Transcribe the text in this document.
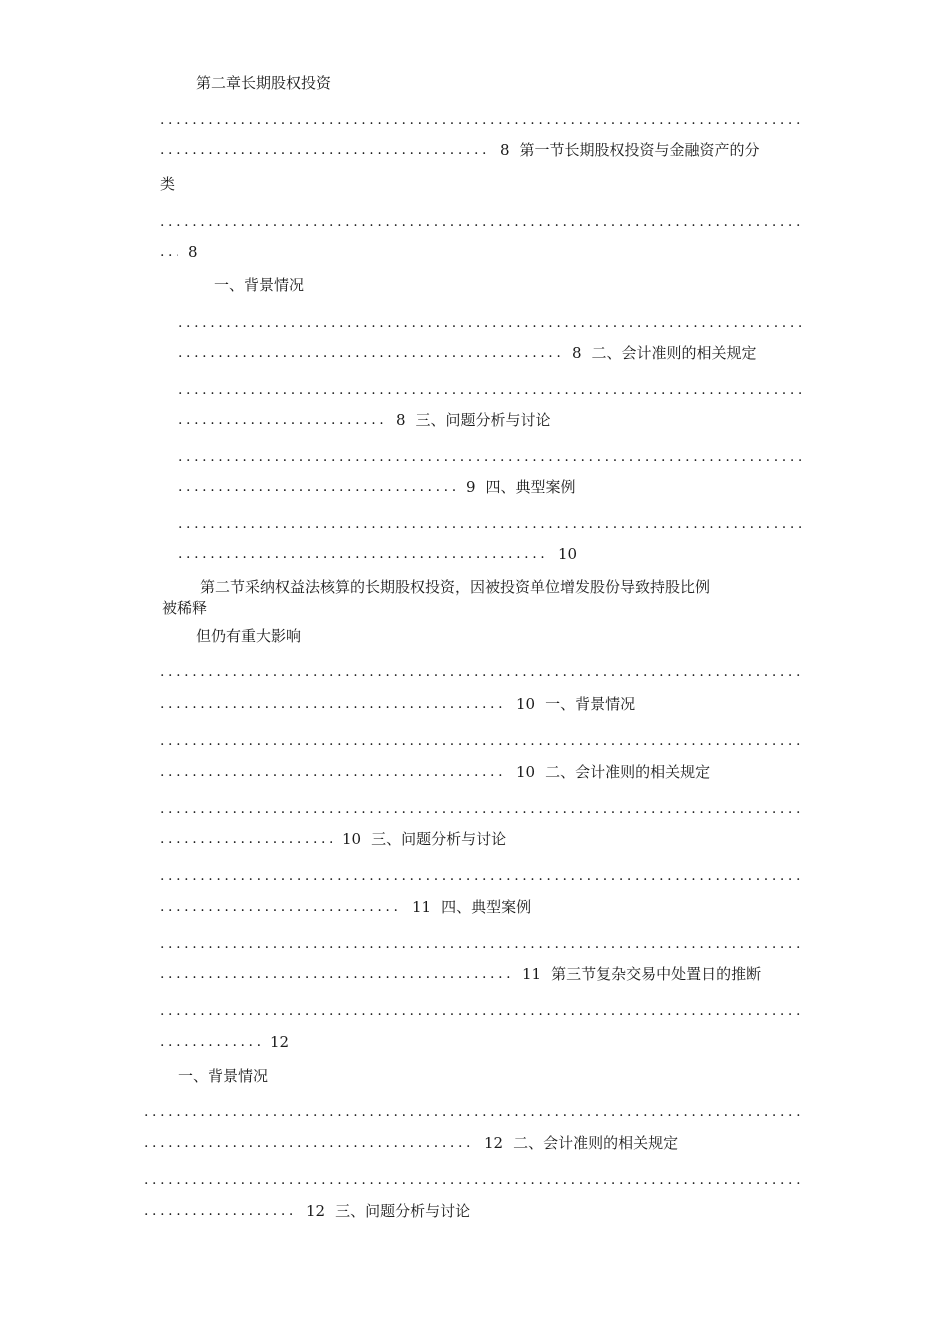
第二章长期股权投资
.....
.....8 第一节长期股权投资与金融资产的分
类
.....
.....8
一、背景情况
.....
.....8 二、会计准则的相关规定
.....
.....8 三、问题分析与讨论
.....
.....9 四、典型案例
.....
.....10
第二节采纳权益法核算的长期股权投资，因被投资单位增发股份导致持股比例
被稀释
但仍有重大影响
.....
.....10 一、背景情况
.....
.....10 二、会计准则的相关规定
.....
.....10 三、问题分析与讨论
.....
.....11 四、典型案例
.....
.....11 第三节复杂交易中处置日的推断
.....
.....12
一、背景情况
.....
.....12 二、会计准则的相关规定
.....
.....12 三、问题分析与讨论
